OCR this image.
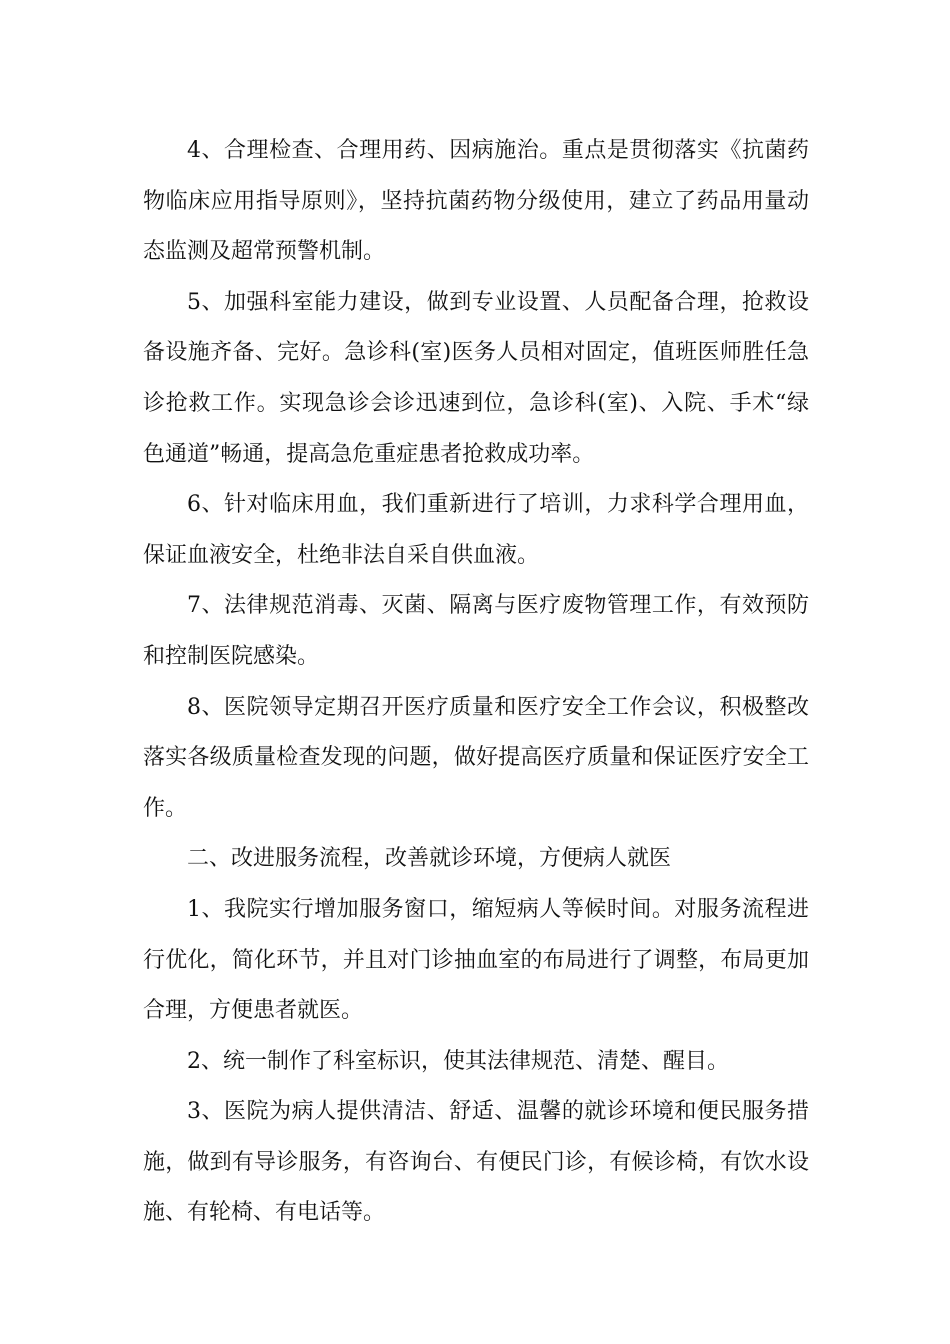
4、合理检查、合理用药、因病施治。重点是贯彻落实《抗菌药物临床应用指导原则》，坚持抗菌药物分级使用，建立了药品用量动态监测及超常预警机制。

5、加强科室能力建设，做到专业设置、人员配备合理，抢救设备设施齐备、完好。急诊科(室)医务人员相对固定，值班医师胜任急诊抢救工作。实现急诊会诊迅速到位，急诊科(室)、入院、手术“绿色通道”畅通，提高急危重症患者抢救成功率。

6、针对临床用血，我们重新进行了培训，力求科学合理用血，保证血液安全，杜绝非法自采自供血液。

7、法律规范消毒、灭菌、隔离与医疗废物管理工作，有效预防和控制医院感染。

8、医院领导定期召开医疗质量和医疗安全工作会议，积极整改落实各级质量检查发现的问题，做好提高医疗质量和保证医疗安全工作。

二、改进服务流程，改善就诊环境，方便病人就医

1、我院实行增加服务窗口，缩短病人等候时间。对服务流程进行优化，简化环节，并且对门诊抽血室的布局进行了调整，布局更加合理，方便患者就医。

2、统一制作了科室标识，使其法律规范、清楚、醒目。

3、医院为病人提供清洁、舒适、温馨的就诊环境和便民服务措施，做到有导诊服务，有咨询台、有便民门诊，有候诊椅，有饮水设施、有轮椅、有电话等。
